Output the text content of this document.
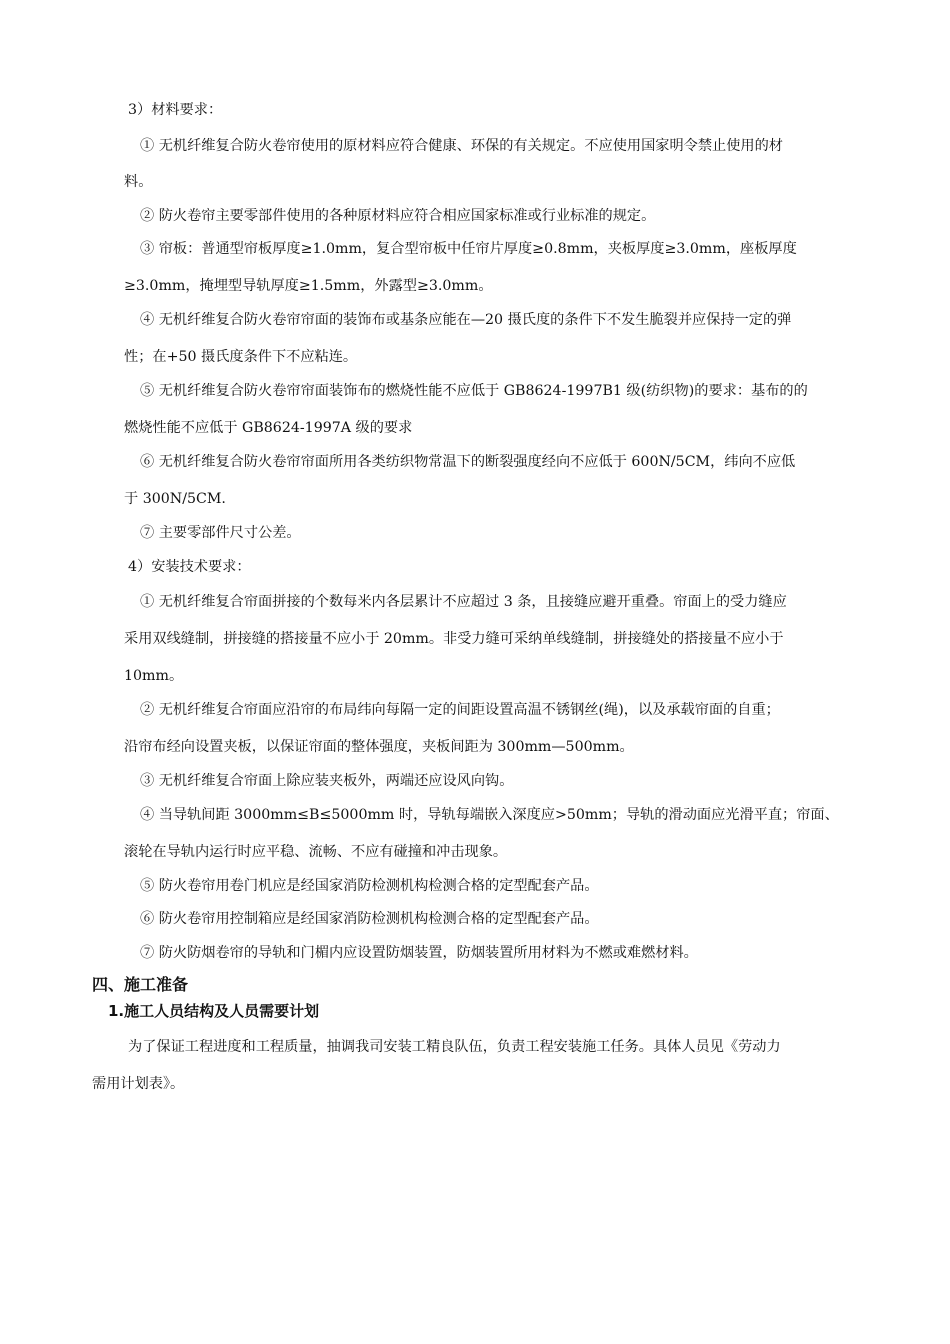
3）材料要求：
① 无机纤维复合防火卷帘使用的原材料应符合健康、环保的有关规定。不应使用国家明令禁止使用的材
料。
② 防火卷帘主要零部件使用的各种原材料应符合相应国家标准或行业标准的规定。
③ 帘板：普通型帘板厚度≥1.0mm，复合型帘板中任帘片厚度≥0.8mm，夹板厚度≥3.0mm，座板厚度
≥3.0mm，掩埋型导轨厚度≥1.5mm，外露型≥3.0mm。
④ 无机纤维复合防火卷帘帘面的装饰布或基条应能在—20 摄氏度的条件下不发生脆裂并应保持一定的弹
性；在+50 摄氏度条件下不应粘连。
⑤ 无机纤维复合防火卷帘帘面装饰布的燃烧性能不应低于 GB8624-1997B1 级(纺织物)的要求：基布的的
燃烧性能不应低于 GB8624-1997A 级的要求
⑥ 无机纤维复合防火卷帘帘面所用各类纺织物常温下的断裂强度经向不应低于 600N/5CM，纬向不应低
于 300N/5CM.
⑦ 主要零部件尺寸公差。
4）安装技术要求：
① 无机纤维复合帘面拼接的个数每米内各层累计不应超过 3 条，且接缝应避开重叠。帘面上的受力缝应
采用双线缝制，拼接缝的搭接量不应小于 20mm。非受力缝可采纳单线缝制，拼接缝处的搭接量不应小于
10mm。
② 无机纤维复合帘面应沿帘的布局纬向每隔一定的间距设置高温不锈钢丝(绳)，以及承载帘面的自重；
沿帘布经向设置夹板，以保证帘面的整体强度，夹板间距为 300mm—500mm。
③ 无机纤维复合帘面上除应装夹板外，两端还应设风向钩。
④ 当导轨间距 3000mm≤B≤5000mm 时，导轨每端嵌入深度应>50mm；导轨的滑动面应光滑平直；帘面、
滚轮在导轨内运行时应平稳、流畅、不应有碰撞和冲击现象。
⑤ 防火卷帘用卷门机应是经国家消防检测机构检测合格的定型配套产品。
⑥ 防火卷帘用控制箱应是经国家消防检测机构检测合格的定型配套产品。
⑦ 防火防烟卷帘的导轨和门楣内应设置防烟装置，防烟装置所用材料为不燃或难燃材料。
四、施工准备
1.施工人员结构及人员需要计划
为了保证工程进度和工程质量，抽调我司安装工精良队伍，负责工程安装施工任务。具体人员见《劳动力
需用计划表》。
